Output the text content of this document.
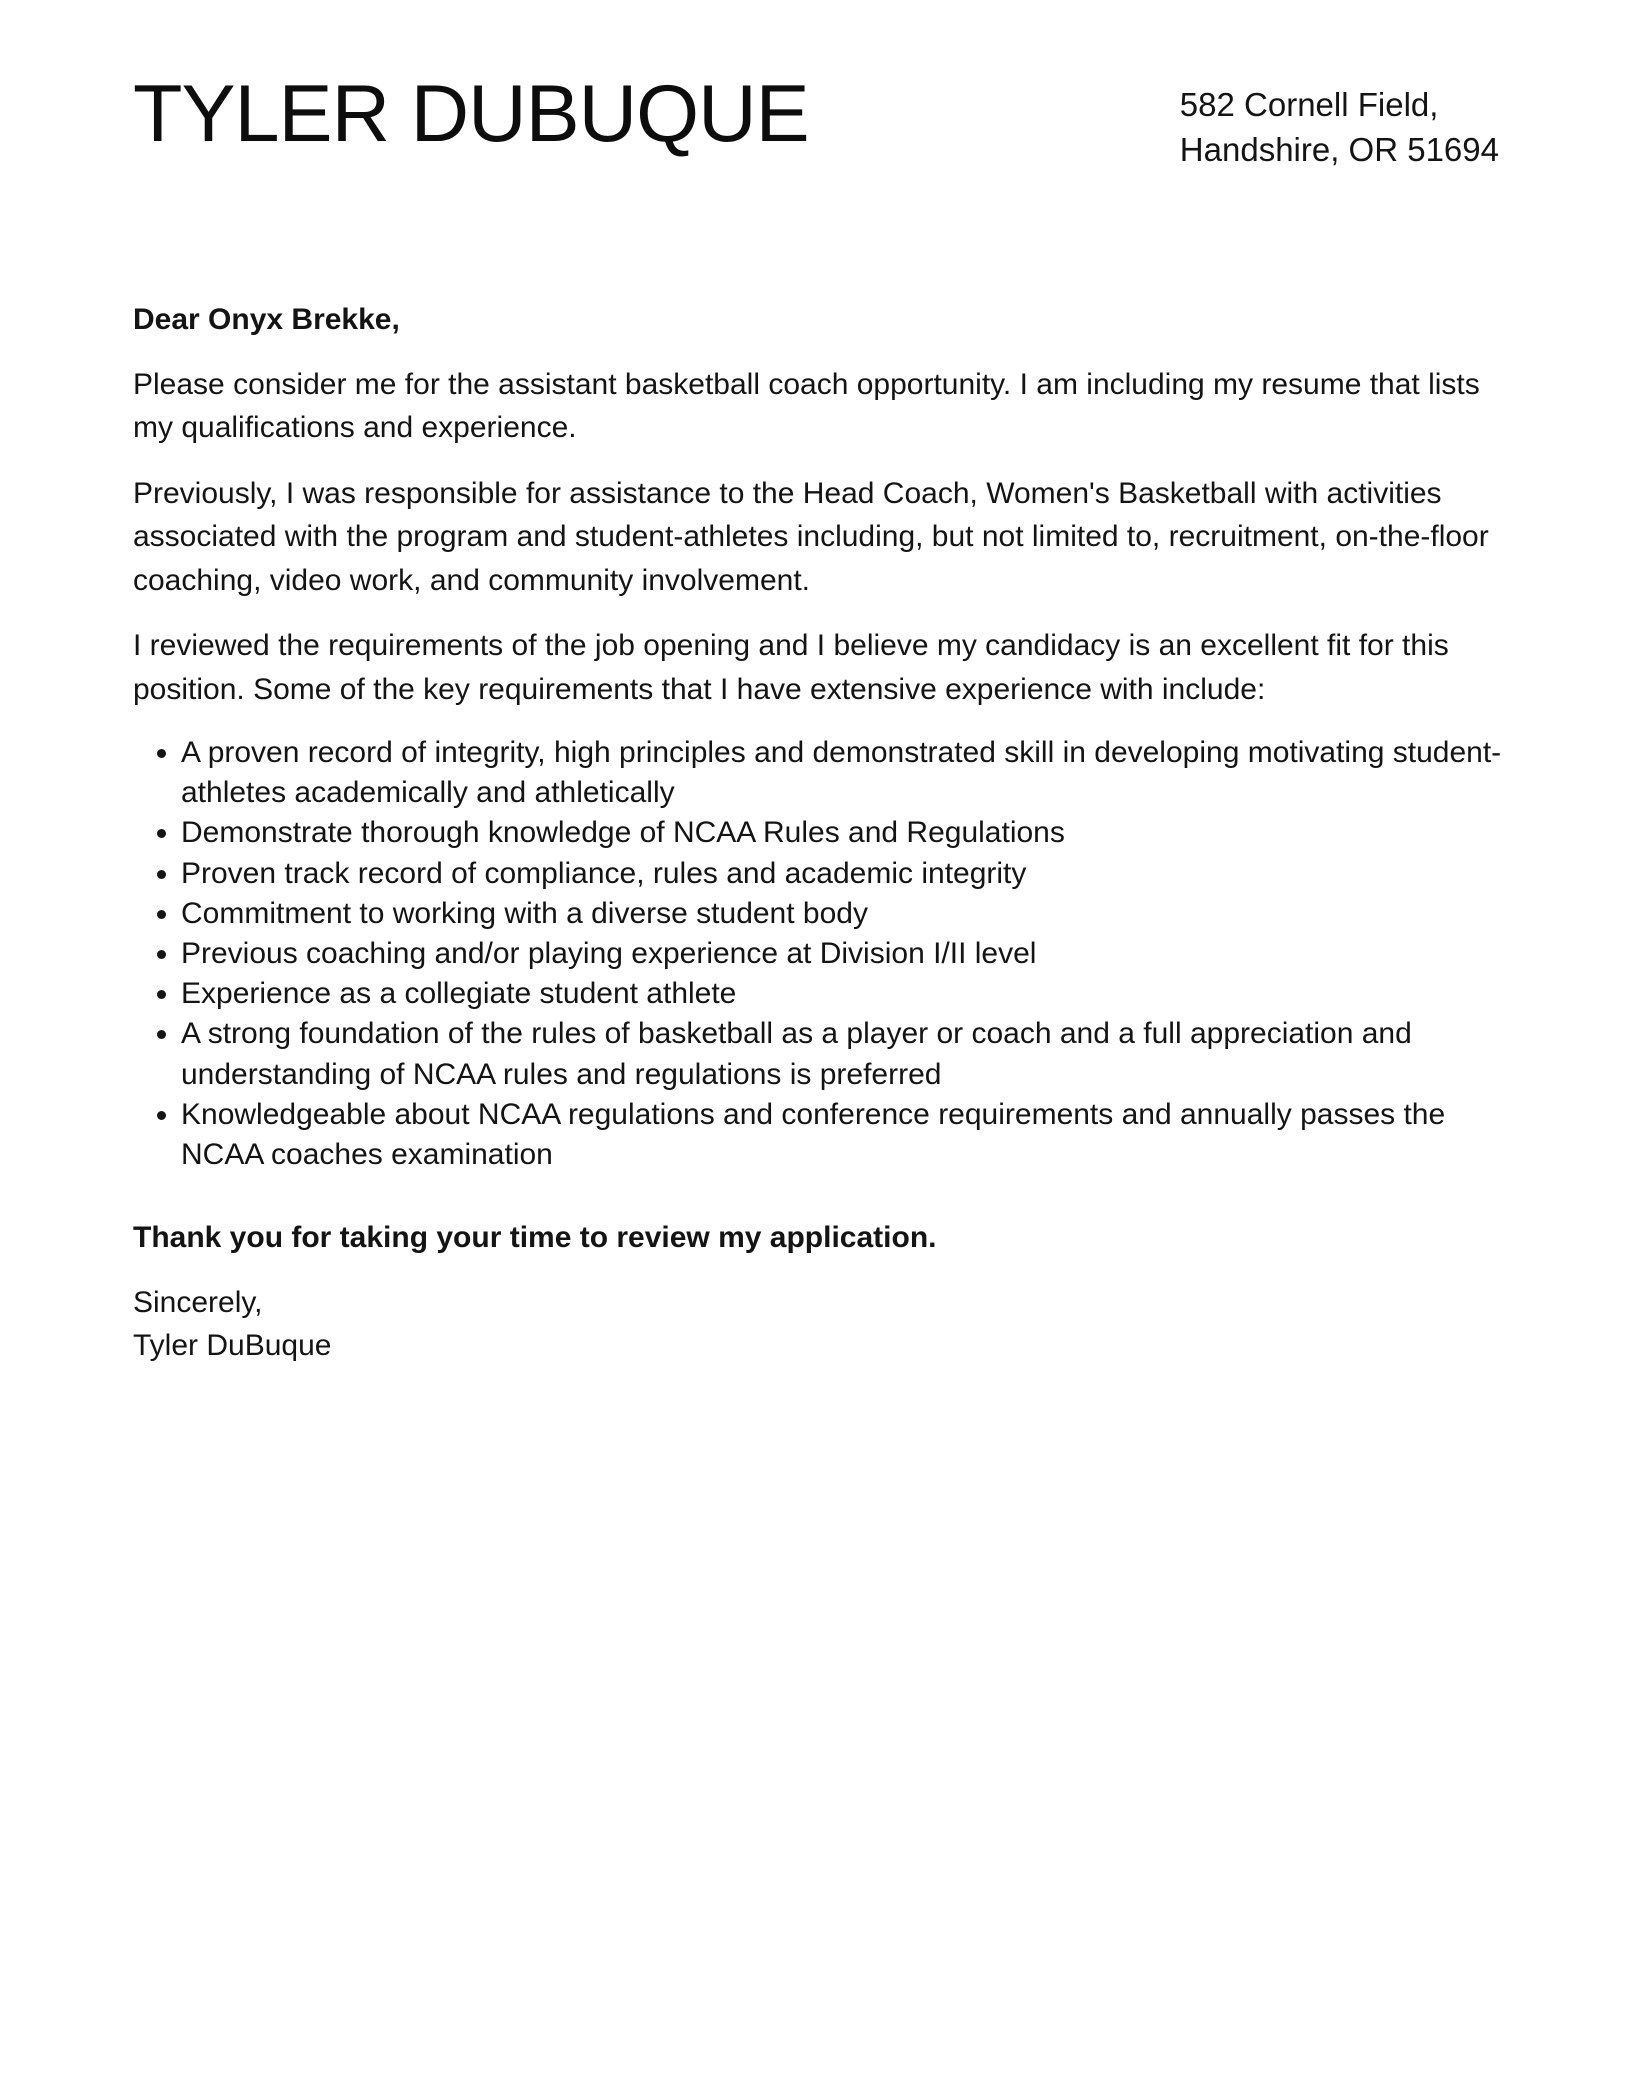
TYLER DUBUQUE	582 Cornell Field,
Handshire, OR 51694

Dear Onyx Brekke,

Please consider me for the assistant basketball coach opportunity. I am including my resume that lists my qualifications and experience.

Previously, I was responsible for assistance to the Head Coach, Women's Basketball with activities associated with the program and student-athletes including, but not limited to, recruitment, on-the-floor coaching, video work, and community involvement.

I reviewed the requirements of the job opening and I believe my candidacy is an excellent fit for this position. Some of the key requirements that I have extensive experience with include:

• A proven record of integrity, high principles and demonstrated skill in developing motivating student-athletes academically and athletically
• Demonstrate thorough knowledge of NCAA Rules and Regulations
• Proven track record of compliance, rules and academic integrity
• Commitment to working with a diverse student body
• Previous coaching and/or playing experience at Division I/II level
• Experience as a collegiate student athlete
• A strong foundation of the rules of basketball as a player or coach and a full appreciation and understanding of NCAA rules and regulations is preferred
• Knowledgeable about NCAA regulations and conference requirements and annually passes the NCAA coaches examination

Thank you for taking your time to review my application.

Sincerely,
Tyler DuBuque
